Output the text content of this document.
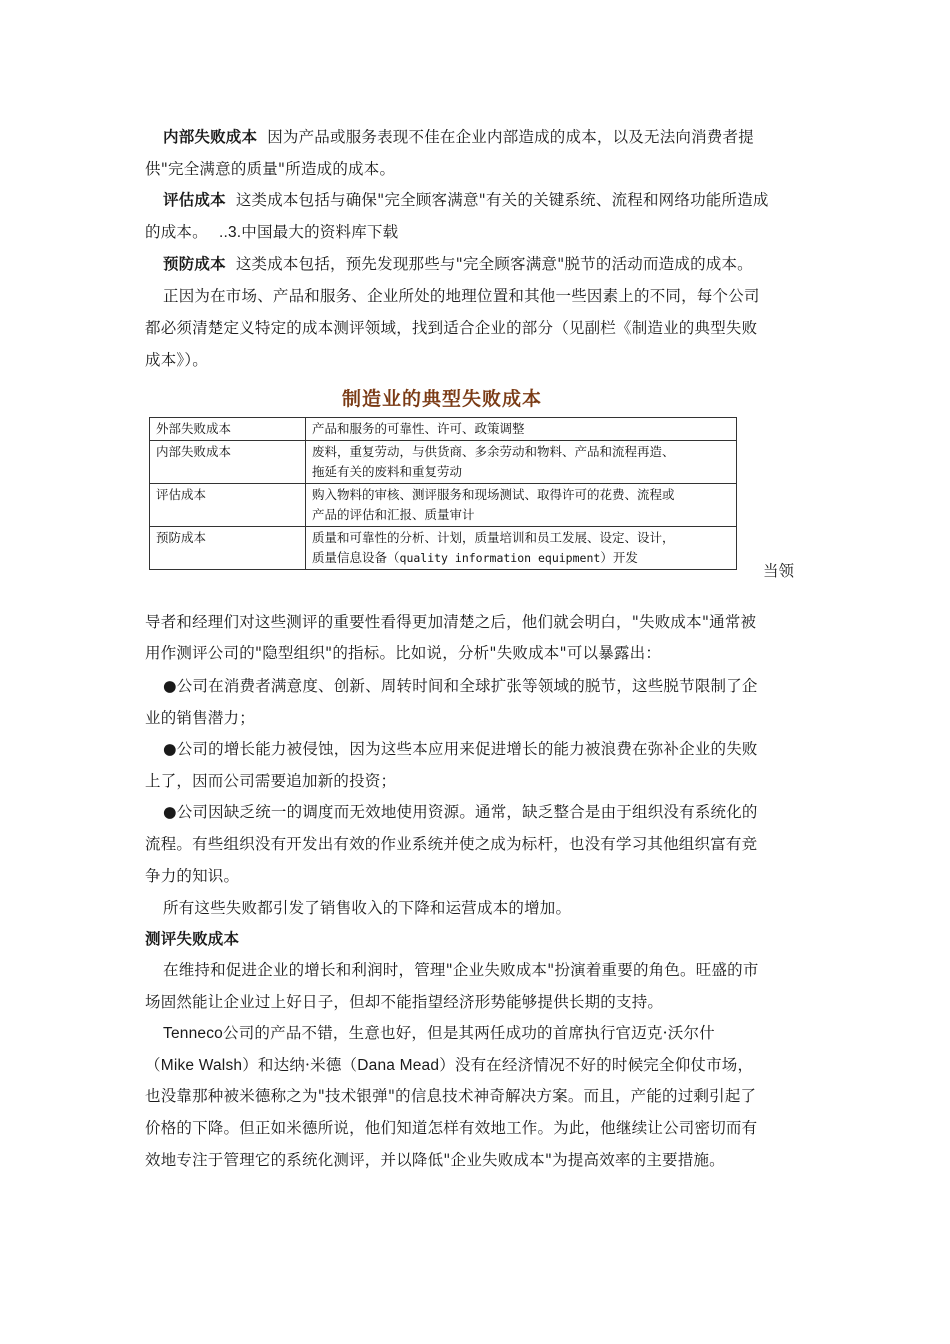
内部失败成本 因为产品或服务表现不佳在企业内部造成的成本，以及无法向消费者提
供"完全满意的质量"所造成的成本。
评估成本 这类成本包括与确保"完全顾客满意"有关的关键系统、流程和网络功能所造成
的成本。 ..3.中国最大的资料库下载
预防成本 这类成本包括，预先发现那些与"完全顾客满意"脱节的活动而造成的成本。
正因为在市场、产品和服务、企业所处的地理位置和其他一些因素上的不同，每个公司
都必须清楚定义特定的成本测评领域，找到适合企业的部分（见副栏《制造业的典型失败
成本》）。
制造业的典型失败成本
外部失败成本	产品和服务的可靠性、许可、政策调整
内部失败成本	废料，重复劳动，与供货商、多余劳动和物料、产品和流程再造、
拖延有关的废料和重复劳动

评估成本	购入物料的审核、测评服务和现场测试、取得许可的花费、流程或
产品的评估和汇报、质量审计

预防成本	质量和可靠性的分析、计划，质量培训和员工发展、设定、设计，
质量信息设备（quality information equipment）开发
当领
导者和经理们对这些测评的重要性看得更加清楚之后，他们就会明白，"失败成本"通常被
用作测评公司的"隐型组织"的指标。比如说，分析"失败成本"可以暴露出：
●公司在消费者满意度、创新、周转时间和全球扩张等领域的脱节，这些脱节限制了企
业的销售潜力；
●公司的增长能力被侵蚀，因为这些本应用来促进增长的能力被浪费在弥补企业的失败
上了，因而公司需要追加新的投资；
●公司因缺乏统一的调度而无效地使用资源。通常，缺乏整合是由于组织没有系统化的
流程。有些组织没有开发出有效的作业系统并使之成为标杆，也没有学习其他组织富有竞
争力的知识。
所有这些失败都引发了销售收入的下降和运营成本的增加。
测评失败成本
在维持和促进企业的增长和利润时，管理"企业失败成本"扮演着重要的角色。旺盛的市
场固然能让企业过上好日子，但却不能指望经济形势能够提供长期的支持。
Tenneco公司的产品不错，生意也好，但是其两任成功的首席执行官迈克·沃尔什
（Mike Walsh）和达纳·米德（Dana Mead）没有在经济情况不好的时候完全仰仗市场，
也没靠那种被米德称之为"技术银弹"的信息技术神奇解决方案。而且，产能的过剩引起了
价格的下降。但正如米德所说，他们知道怎样有效地工作。为此，他继续让公司密切而有
效地专注于管理它的系统化测评，并以降低"企业失败成本"为提高效率的主要措施。
